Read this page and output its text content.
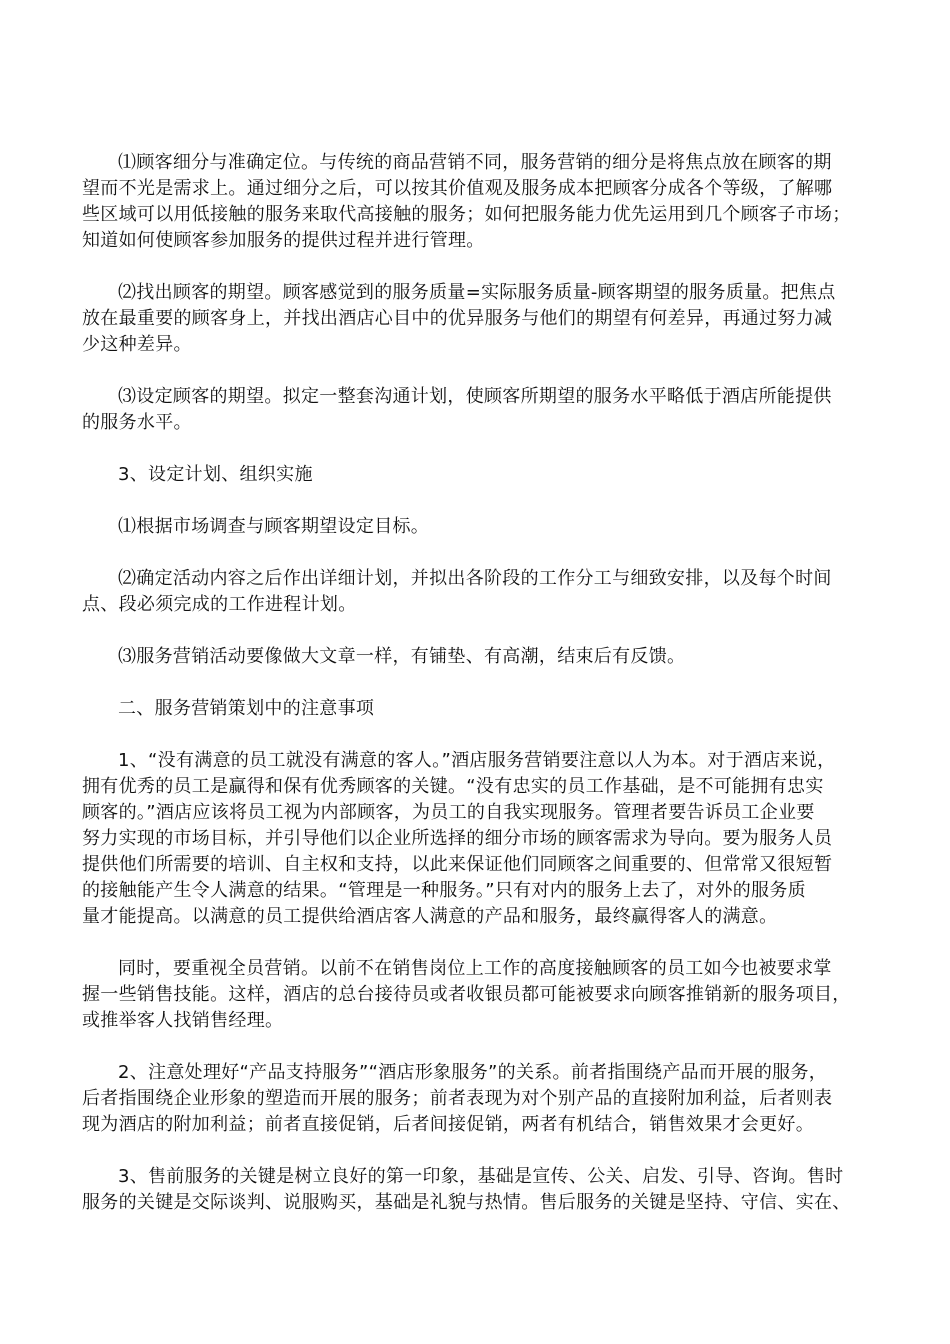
⑴顾客细分与准确定位。与传统的商品营销不同，服务营销的细分是将焦点放在顾客的期
望而不光是需求上。通过细分之后，可以按其价值观及服务成本把顾客分成各个等级，了解哪
些区域可以用低接触的服务来取代高接触的服务；如何把服务能力优先运用到几个顾客子市场；
知道如何使顾客参加服务的提供过程并进行管理。
⑵找出顾客的期望。顾客感觉到的服务质量=实际服务质量-顾客期望的服务质量。把焦点
放在最重要的顾客身上，并找出酒店心目中的优异服务与他们的期望有何差异，再通过努力减
少这种差异。
⑶设定顾客的期望。拟定一整套沟通计划，使顾客所期望的服务水平略低于酒店所能提供
的服务水平。
3、设定计划、组织实施
⑴根据市场调查与顾客期望设定目标。
⑵确定活动内容之后作出详细计划，并拟出各阶段的工作分工与细致安排，以及每个时间
点、段必须完成的工作进程计划。
⑶服务营销活动要像做大文章一样，有铺垫、有高潮，结束后有反馈。
二、服务营销策划中的注意事项
1、“没有满意的员工就没有满意的客人。”酒店服务营销要注意以人为本。对于酒店来说，
拥有优秀的员工是赢得和保有优秀顾客的关键。“没有忠实的员工作基础，是不可能拥有忠实
顾客的。”酒店应该将员工视为内部顾客，为员工的自我实现服务。管理者要告诉员工企业要
努力实现的市场目标，并引导他们以企业所选择的细分市场的顾客需求为导向。要为服务人员
提供他们所需要的培训、自主权和支持，以此来保证他们同顾客之间重要的、但常常又很短暂
的接触能产生令人满意的结果。“管理是一种服务。”只有对内的服务上去了，对外的服务质
量才能提高。以满意的员工提供给酒店客人满意的产品和服务，最终赢得客人的满意。
同时，要重视全员营销。以前不在销售岗位上工作的高度接触顾客的员工如今也被要求掌
握一些销售技能。这样，酒店的总台接待员或者收银员都可能被要求向顾客推销新的服务项目，
或推举客人找销售经理。
2、注意处理好“产品支持服务”“酒店形象服务”的关系。前者指围绕产品而开展的服务，
后者指围绕企业形象的塑造而开展的服务；前者表现为对个别产品的直接附加利益，后者则表
现为酒店的附加利益；前者直接促销，后者间接促销，两者有机结合，销售效果才会更好。
3、售前服务的关键是树立良好的第一印象，基础是宣传、公关、启发、引导、咨询。售时
服务的关键是交际谈判、说服购买，基础是礼貌与热情。售后服务的关键是坚持、守信、实在、
